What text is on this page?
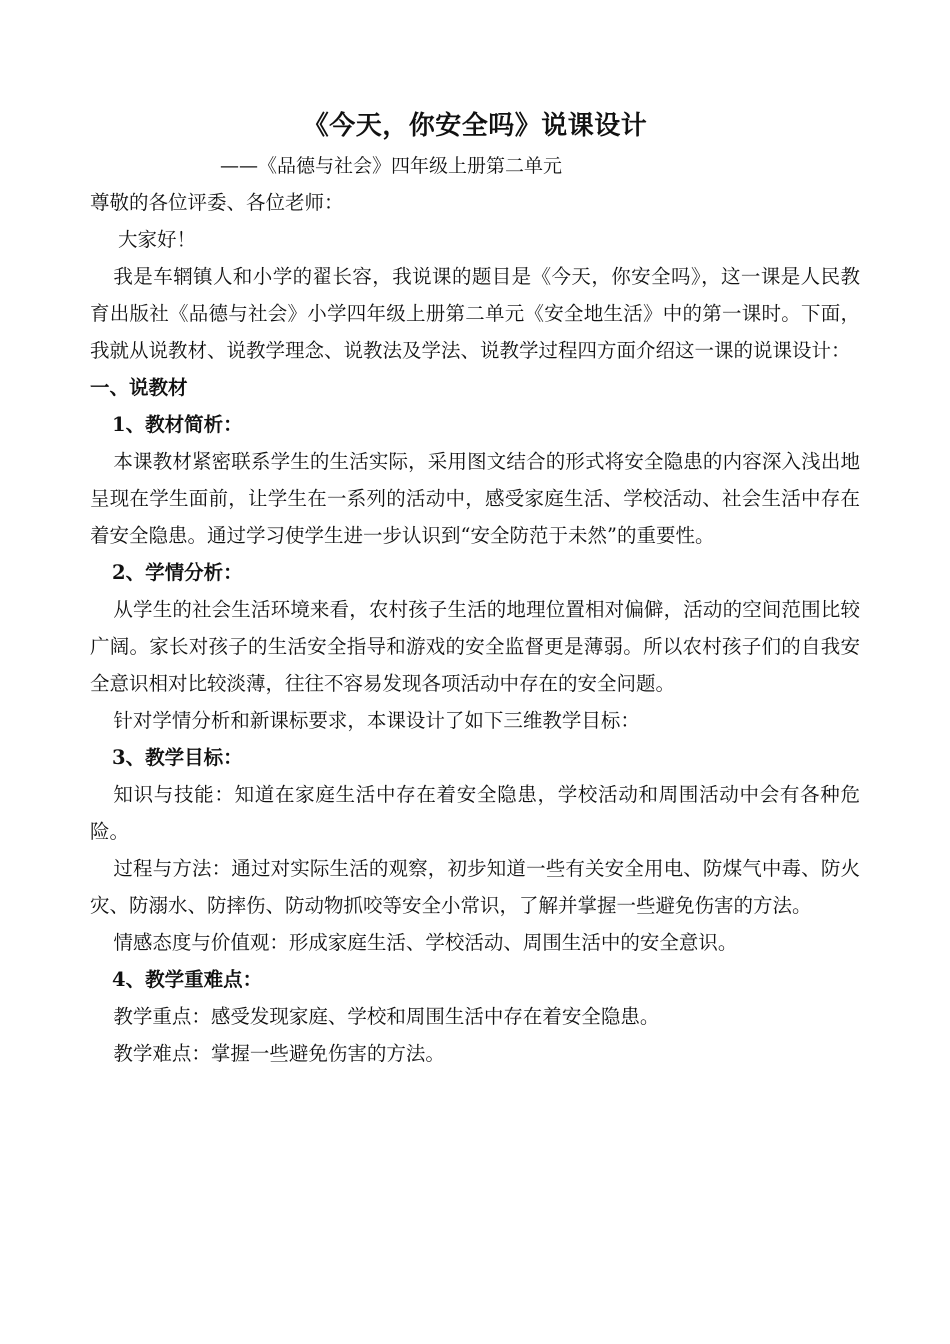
《今天，你安全吗》说课设计

——《品德与社会》四年级上册第二单元

尊敬的各位评委、各位老师：

大家好！

我是车辋镇人和小学的翟长容，我说课的题目是《今天，你安全吗》，这一课是人民教育出版社《品德与社会》小学四年级上册第二单元《安全地生活》中的第一课时。下面，我就从说教材、说教学理念、说教法及学法、说教学过程四方面介绍这一课的说课设计：

一、说教材

1、教材简析：

本课教材紧密联系学生的生活实际，采用图文结合的形式将安全隐患的内容深入浅出地呈现在学生面前，让学生在一系列的活动中，感受家庭生活、学校活动、社会生活中存在着安全隐患。通过学习使学生进一步认识到“安全防范于未然”的重要性。

2、学情分析：

从学生的社会生活环境来看，农村孩子生活的地理位置相对偏僻，活动的空间范围比较广阔。家长对孩子的生活安全指导和游戏的安全监督更是薄弱。所以农村孩子们的自我安全意识相对比较淡薄，往往不容易发现各项活动中存在的安全问题。

针对学情分析和新课标要求，本课设计了如下三维教学目标：

3、教学目标：

知识与技能：知道在家庭生活中存在着安全隐患，学校活动和周围活动中会有各种危险。

过程与方法：通过对实际生活的观察，初步知道一些有关安全用电、防煤气中毒、防火灾、防溺水、防摔伤、防动物抓咬等安全小常识，了解并掌握一些避免伤害的方法。

情感态度与价值观：形成家庭生活、学校活动、周围生活中的安全意识。

4、教学重难点：

教学重点：感受发现家庭、学校和周围生活中存在着安全隐患。

教学难点：掌握一些避免伤害的方法。
